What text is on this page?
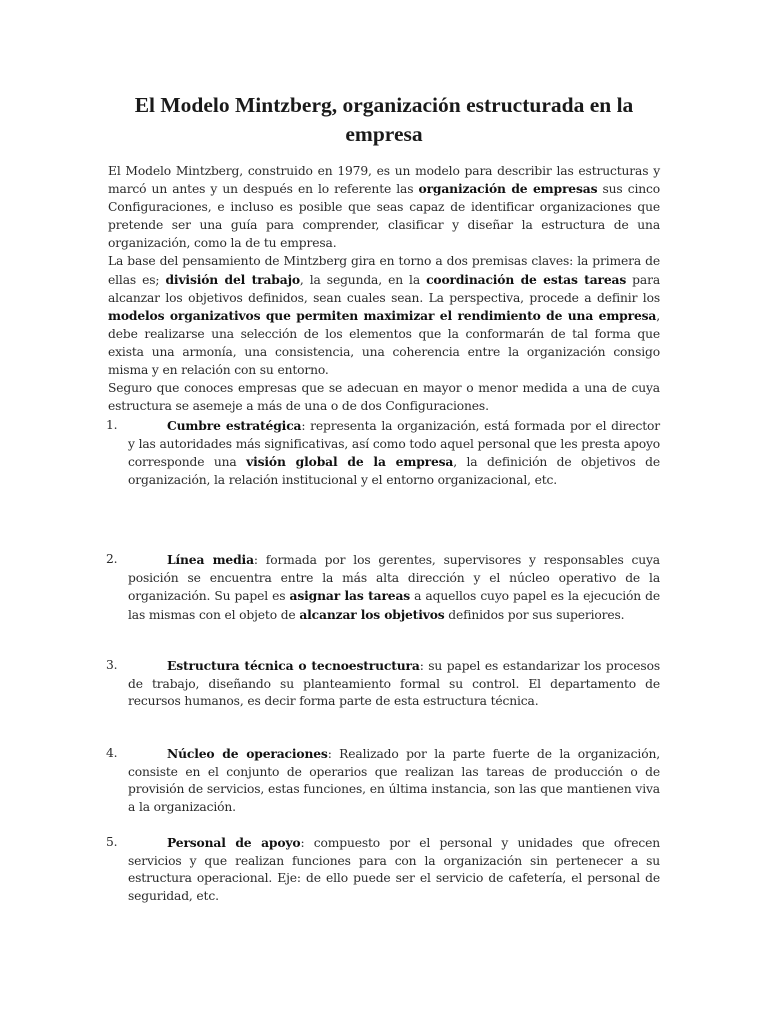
El Modelo Mintzberg, organización estructurada en la empresa

El Modelo Mintzberg, construido en 1979, es un modelo para describir las estructuras y marcó un antes y un después en lo referente las organización de empresas sus cinco Configuraciones, e incluso es posible que seas capaz de identificar organizaciones que pretende ser una guía para comprender, clasificar y diseñar la estructura de una organización, como la de tu empresa.

La base del pensamiento de Mintzberg gira en torno a dos premisas claves: la primera de ellas es; división del trabajo, la segunda, en la coordinación de estas tareas para alcanzar los objetivos definidos, sean cuales sean. La perspectiva, procede a definir los modelos organizativos que permiten maximizar el rendimiento de una empresa, debe realizarse una selección de los elementos que la conformarán de tal forma que exista una armonía, una consistencia, una coherencia entre la organización consigo misma y en relación con su entorno.

Seguro que conoces empresas que se adecuan en mayor o menor medida a una de cuya estructura se asemeje a más de una o de dos Configuraciones.

1.	Cumbre estratégica: representa la organización, está formada por el director y las autoridades más significativas, así como todo aquel personal que les presta apoyo corresponde una visión global de la empresa, la definición de objetivos de organización, la relación institucional y el entorno organizacional, etc.
2.	Línea media: formada por los gerentes, supervisores y responsables cuya posición se encuentra entre la más alta dirección y el núcleo operativo de la organización. Su papel es asignar las tareas a aquellos cuyo papel es la ejecución de las mismas con el objeto de alcanzar los objetivos definidos por sus superiores.
3.	Estructura técnica o tecnoestructura: su papel es estandarizar los procesos de trabajo, diseñando su planteamiento formal su control. El departamento de recursos humanos, es decir forma parte de esta estructura técnica.
4.	Núcleo de operaciones: Realizado por la parte fuerte de la organización, consiste en el conjunto de operarios que realizan las tareas de producción o de provisión de servicios, estas funciones, en última instancia, son las que mantienen viva a la organización.
5.	Personal de apoyo: compuesto por el personal y unidades que ofrecen servicios y que realizan funciones para con la organización sin pertenecer a su estructura operacional. Eje: de ello puede ser el servicio de cafetería, el personal de seguridad, etc.
